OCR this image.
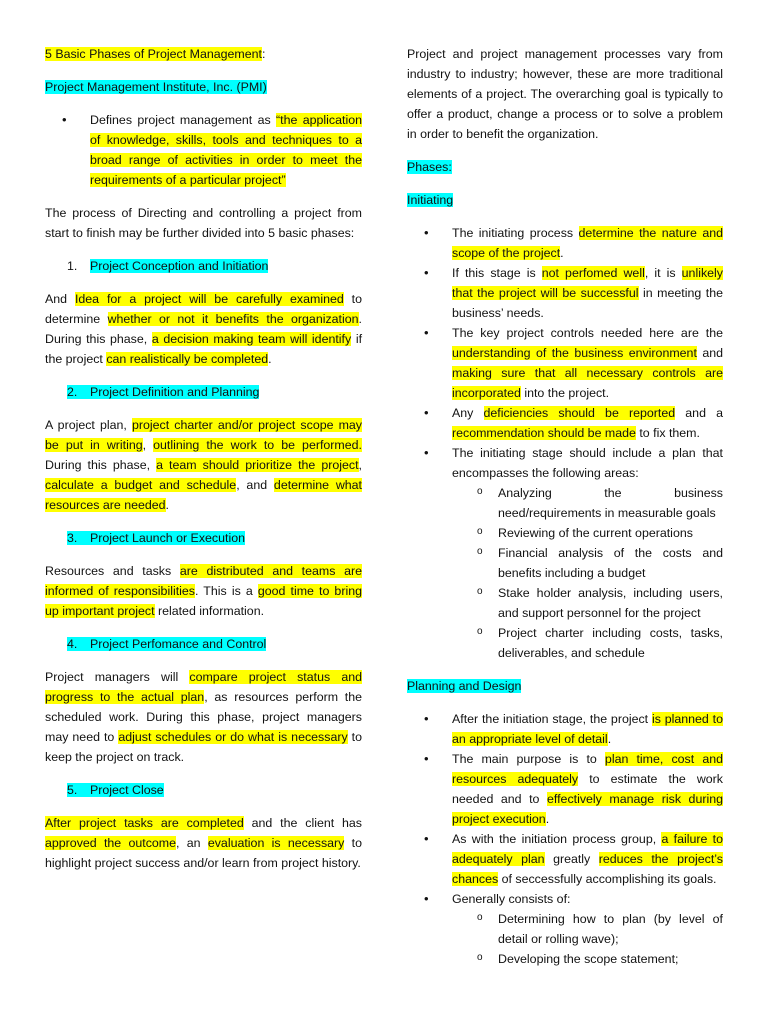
5 Basic Phases of Project Management:

Project Management Institute, Inc. (PMI)

• Defines project management as “the application of knowledge, skills, tools and techniques to a broad range of activities in order to meet the requirements of a particular project”

The process of Directing and controlling a project from start to finish may be further divided into 5 basic phases:

1. Project Conception and Initiation

And Idea for a project will be carefully examined to determine whether or not it benefits the organization. During this phase, a decision making team will identify if the project can realistically be completed.

2. Project Definition and Planning

A project plan, project charter and/or project scope may be put in writing, outlining the work to be performed. During this phase, a team should prioritize the project, calculate a budget and schedule, and determine what resources are needed.

3. Project Launch or Execution

Resources and tasks are distributed and teams are informed of responsibilities. This is a good time to bring up important project related information.

4. Project Perfomance and Control

Project managers will compare project status and progress to the actual plan, as resources perform the scheduled work. During this phase, project managers may need to adjust schedules or do what is necessary to keep the project on track.

5. Project Close

After project tasks are completed and the client has approved the outcome, an evaluation is necessary to highlight project success and/or learn from project history.

Project and project management processes vary from industry to industry; however, these are more traditional elements of a project. The overarching goal is typically to offer a product, change a process or to solve a problem in order to benefit the organization.

Phases:

Initiating

• The initiating process determine the nature and scope of the project.
• If this stage is not perfomed well, it is unlikely that the project will be successful in meeting the business’ needs.
• The key project controls needed here are the understanding of the business environment and making sure that all necessary controls are incorporated into the project.
• Any deficiencies should be reported and a recommendation should be made to fix them.
• The initiating stage should include a plan that encompasses the following areas:
o Analyzing the business need/requirements in measurable goals
o Reviewing of the current operations
o Financial analysis of the costs and benefits including a budget
o Stake holder analysis, including users, and support personnel for the project
o Project charter including costs, tasks, deliverables, and schedule

Planning and Design

• After the initiation stage, the project is planned to an appropriate level of detail.
• The main purpose is to plan time, cost and resources adequately to estimate the work needed and to effectively manage risk during project execution.
• As with the initiation process group, a failure to adequately plan greatly reduces the project’s chances of seccessfully accomplishing its goals.
• Generally consists of:
o Determining how to plan (by level of detail or rolling wave);
o Developing the scope statement;
